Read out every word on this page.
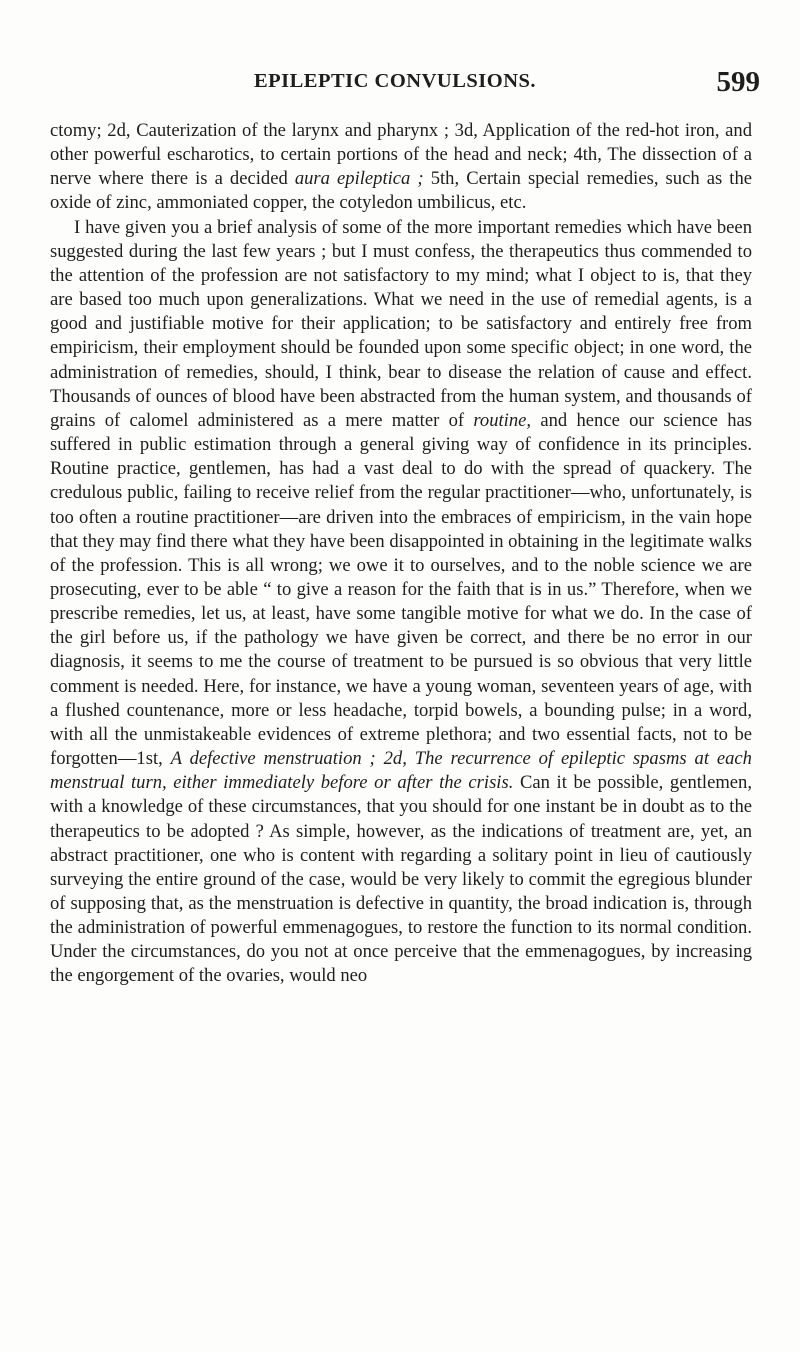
EPILEPTIC CONVULSIONS.	599

ctomy; 2d, Cauterization of the larynx and pharynx ; 3d, Application of the red-hot iron, and other powerful escharotics, to certain portions of the head and neck; 4th, The dissection of a nerve where there is a decided aura epileptica ; 5th, Certain special remedies, such as the oxide of zinc, ammoniated copper, the cotyledon umbilicus, etc.

I have given you a brief analysis of some of the more important remedies which have been suggested during the last few years ; but I must confess, the therapeutics thus commended to the attention of the profession are not satisfactory to my mind; what I object to is, that they are based too much upon generalizations. What we need in the use of remedial agents, is a good and justifiable motive for their application; to be satisfactory and entirely free from empiricism, their employment should be founded upon some specific object; in one word, the administration of remedies, should, I think, bear to disease the relation of cause and effect. Thousands of ounces of blood have been abstracted from the human system, and thousands of grains of calomel administered as a mere matter of routine, and hence our science has suffered in public estimation through a general giving way of confidence in its principles. Routine practice, gentlemen, has had a vast deal to do with the spread of quackery. The credulous public, failing to receive relief from the regular practitioner—who, unfortunately, is too often a routine practitioner—are driven into the embraces of empiricism, in the vain hope that they may find there what they have been disappointed in obtaining in the legitimate walks of the profession. This is all wrong; we owe it to ourselves, and to the noble science we are prosecuting, ever to be able “ to give a reason for the faith that is in us.” Therefore, when we prescribe remedies, let us, at least, have some tangible motive for what we do. In the case of the girl before us, if the pathology we have given be correct, and there be no error in our diagnosis, it seems to me the course of treatment to be pursued is so obvious that very little comment is needed. Here, for instance, we have a young woman, seventeen years of age, with a flushed countenance, more or less headache, torpid bowels, a bounding pulse; in a word, with all the unmistakeable evidences of extreme plethora; and two essential facts, not to be forgotten—1st, A defective menstruation ; 2d, The recurrence of epileptic spasms at each menstrual turn, either immediately before or after the crisis. Can it be possible, gentlemen, with a knowledge of these circumstances, that you should for one instant be in doubt as to the therapeutics to be adopted ? As simple, however, as the indications of treatment are, yet, an abstract practitioner, one who is content with regarding a solitary point in lieu of cautiously surveying the entire ground of the case, would be very likely to commit the egregious blunder of supposing that, as the menstruation is defective in quantity, the broad indication is, through the administration of powerful emmenagogues, to restore the function to its normal condition. Under the circumstances, do you not at once perceive that the emmenagogues, by increasing the engorgement of the ovaries, would neo
